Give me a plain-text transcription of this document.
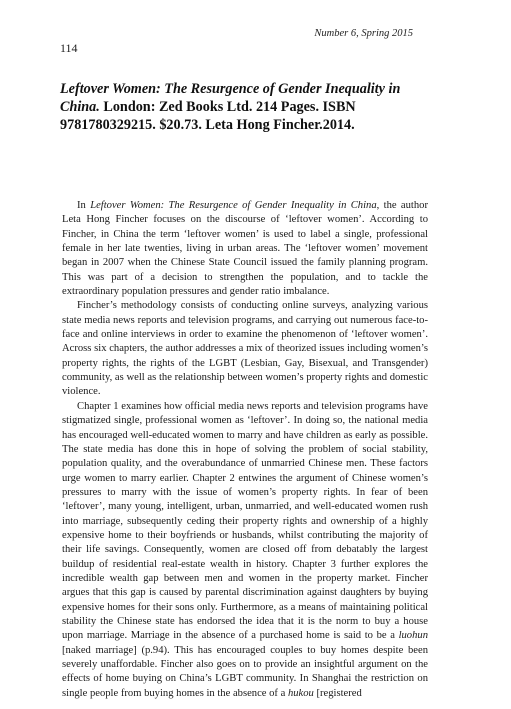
Number 6, Spring 2015
114
Leftover Women: The Resurgence of Gender Inequality in China. London: Zed Books Ltd. 214 Pages. ISBN 9781780329215. $20.73. Leta Hong Fincher.2014.

In Leftover Women: The Resurgence of Gender Inequality in China, the author Leta Hong Fincher focuses on the discourse of ‘leftover women’. According to Fincher, in China the term ‘leftover women’ is used to label a single, professional female in her late twenties, living in urban areas. The ‘leftover women’ movement began in 2007 when the Chinese State Council issued the family planning program. This was part of a decision to strengthen the population, and to tackle the extraordinary population pressures and gender ratio imbalance.

Fincher’s methodology consists of conducting online surveys, analyzing various state media news reports and television programs, and carrying out numerous face-to-face and online interviews in order to examine the phenomenon of ‘leftover women’. Across six chapters, the author addresses a mix of theorized issues including women’s property rights, the rights of the LGBT (Lesbian, Gay, Bisexual, and Transgender) community, as well as the relationship between women’s property rights and domestic violence.

Chapter 1 examines how official media news reports and television programs have stigmatized single, professional women as ‘leftover’. In doing so, the national media has encouraged well-educated women to marry and have children as early as possible. The state media has done this in hope of solving the problem of social stability, population quality, and the overabundance of unmarried Chinese men. These factors urge women to marry earlier. Chapter 2 entwines the argument of Chinese women’s pressures to marry with the issue of women’s property rights. In fear of been ‘leftover’, many young, intelligent, urban, unmarried, and well-educated women rush into marriage, subsequently ceding their property rights and ownership of a highly expensive home to their boyfriends or husbands, whilst contributing the majority of their life savings. Consequently, women are closed off from debatably the largest buildup of residential real-estate wealth in history. Chapter 3 further explores the incredible wealth gap between men and women in the property market. Fincher argues that this gap is caused by parental discrimination against daughters by buying expensive homes for their sons only. Furthermore, as a means of maintaining political stability the Chinese state has endorsed the idea that it is the norm to buy a house upon marriage. Marriage in the absence of a purchased home is said to be a luohun [naked marriage] (p.94). This has encouraged couples to buy homes despite been severely unaffordable. Fincher also goes on to provide an insightful argument on the effects of home buying on China’s LGBT community. In Shanghai the restriction on single people from buying homes in the absence of a hukou [registered
